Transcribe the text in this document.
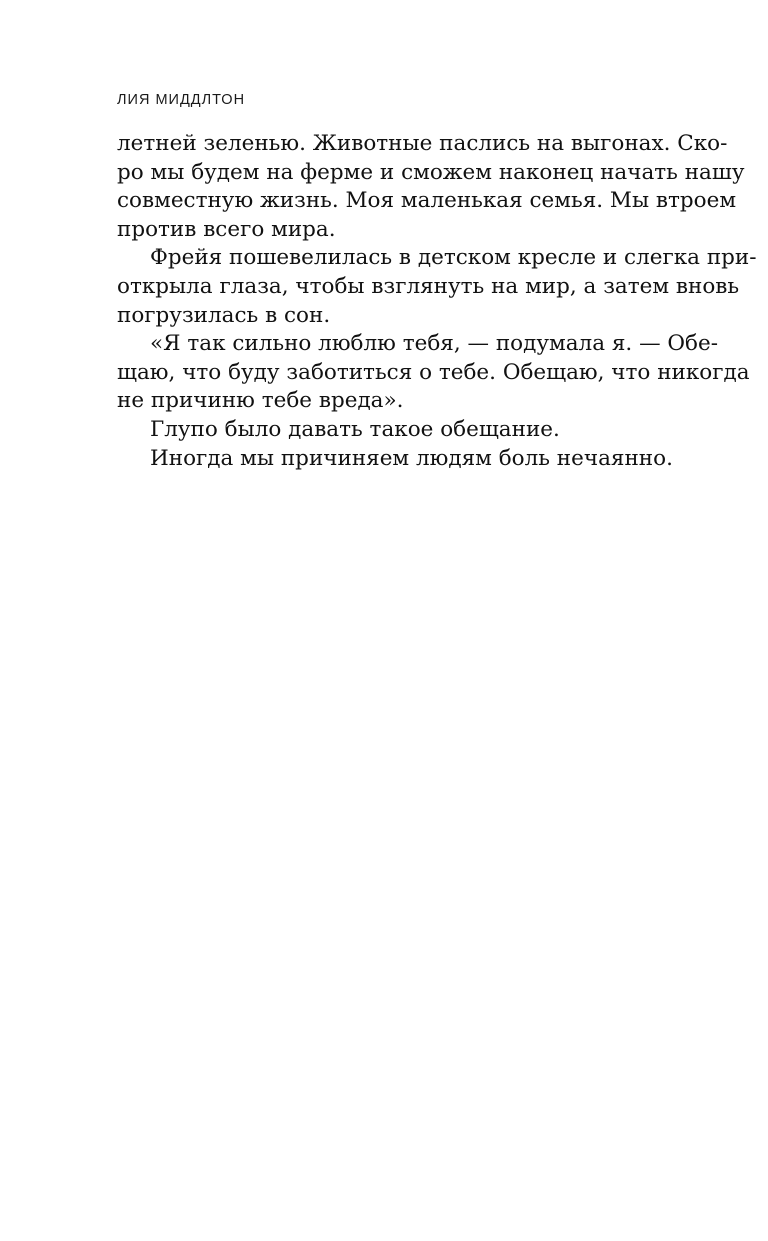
ЛИЯ МИДДЛТОН
летней зеленью. Животные паслись на выгонах. Ско-
ро мы будем на ферме и сможем наконец начать нашу
совместную жизнь. Моя маленькая семья. Мы втроем
против всего мира.
Фрейя пошевелилась в детском кресле и слегка при-
открыла глаза, чтобы взглянуть на мир, а затем вновь
погрузилась в сон.
«Я так сильно люблю тебя, — подумала я. — Обе-
щаю, что буду заботиться о тебе. Обещаю, что никогда
не причиню тебе вреда».
Глупо было давать такое обещание.
Иногда мы причиняем людям боль нечаянно.
